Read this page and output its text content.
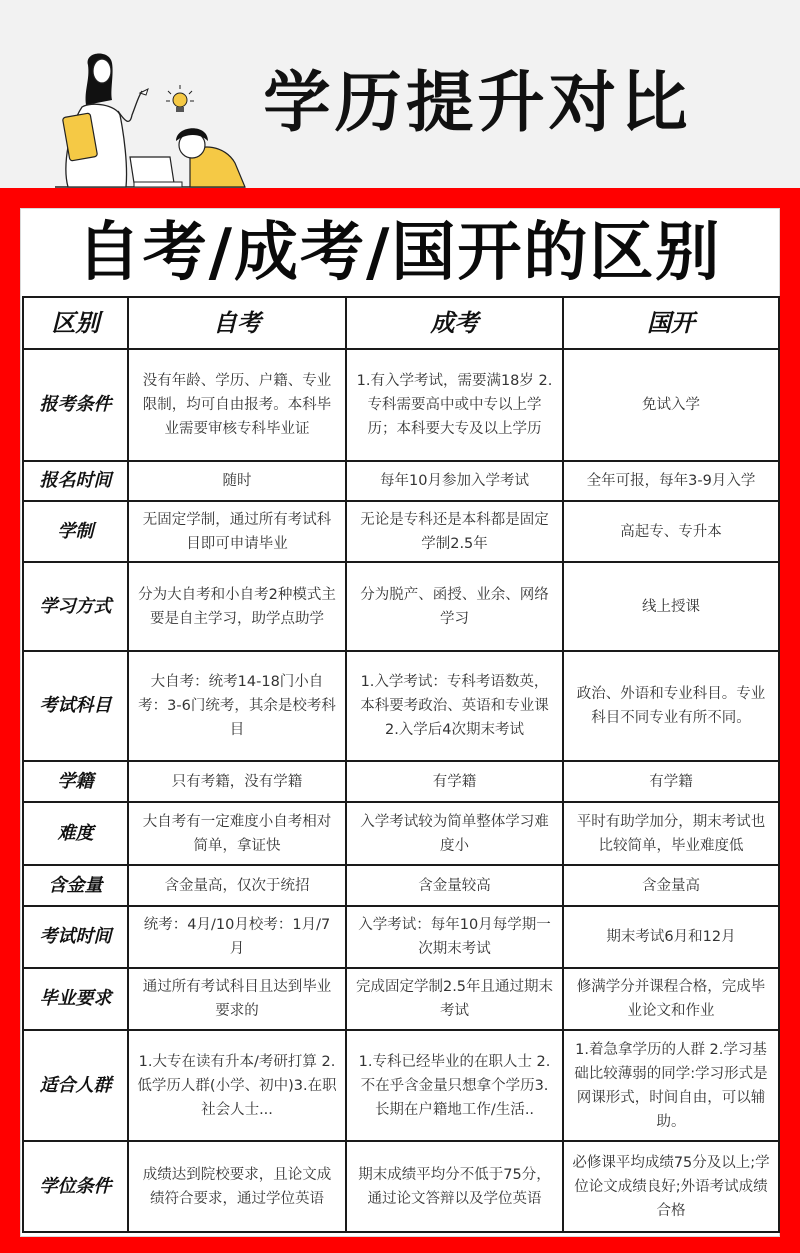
学历提升对比
自考/成考/国开的区别
区别	自考	成考	国开
报考条件	没有年龄、学历、户籍、专业限制，均可自由报考。本科毕业需要审核专科毕业证	1.有入学考试，需要满18岁 2.专科需要高中或中专以上学历；本科要大专及以上学历	免试入学
报名时间	随时	每年10月参加入学考试	全年可报，每年3-9月入学
学制	无固定学制，通过所有考试科目即可申请毕业	无论是专科还是本科都是固定学制2.5年	高起专、专升本
学习方式	分为大自考和小自考2种模式主要是自主学习，助学点助学	分为脱产、函授、业余、网络学习	线上授课
考试科目	大自考：统考14-18门小自考：3-6门统考，其余是校考科目	1.入学考试：专科考语数英，本科要考政治、英语和专业课2.入学后4次期末考试	政治、外语和专业科目。专业科目不同专业有所不同。
学籍	只有考籍，没有学籍	有学籍	有学籍
难度	大自考有一定难度小自考相对简单，拿证快	入学考试较为简单整体学习难度小	平时有助学加分，期末考试也比较简单，毕业难度低
含金量	含金量高，仅次于统招	含金量较高	含金量高
考试时间	统考：4月/10月校考：1月/7月	入学考试：每年10月每学期一次期末考试	期末考试6月和12月
毕业要求	通过所有考试科目且达到毕业要求的	完成固定学制2.5年且通过期末考试	修满学分并课程合格，完成毕业论文和作业
适合人群	1.大专在读有升本/考研打算 2.低学历人群(小学、初中)3.在职社会人士...	1.专科已经毕业的在职人士 2.不在乎含金量只想拿个学历3.长期在户籍地工作/生活..	1.着急拿学历的人群 2.学习基础比较薄弱的同学:学习形式是网课形式，时间自由，可以辅助。
学位条件	成绩达到院校要求，且论文成绩符合要求，通过学位英语	期末成绩平均分不低于75分，通过论文答辩以及学位英语	必修课平均成绩75分及以上;学位论文成绩良好;外语考试成绩合格
